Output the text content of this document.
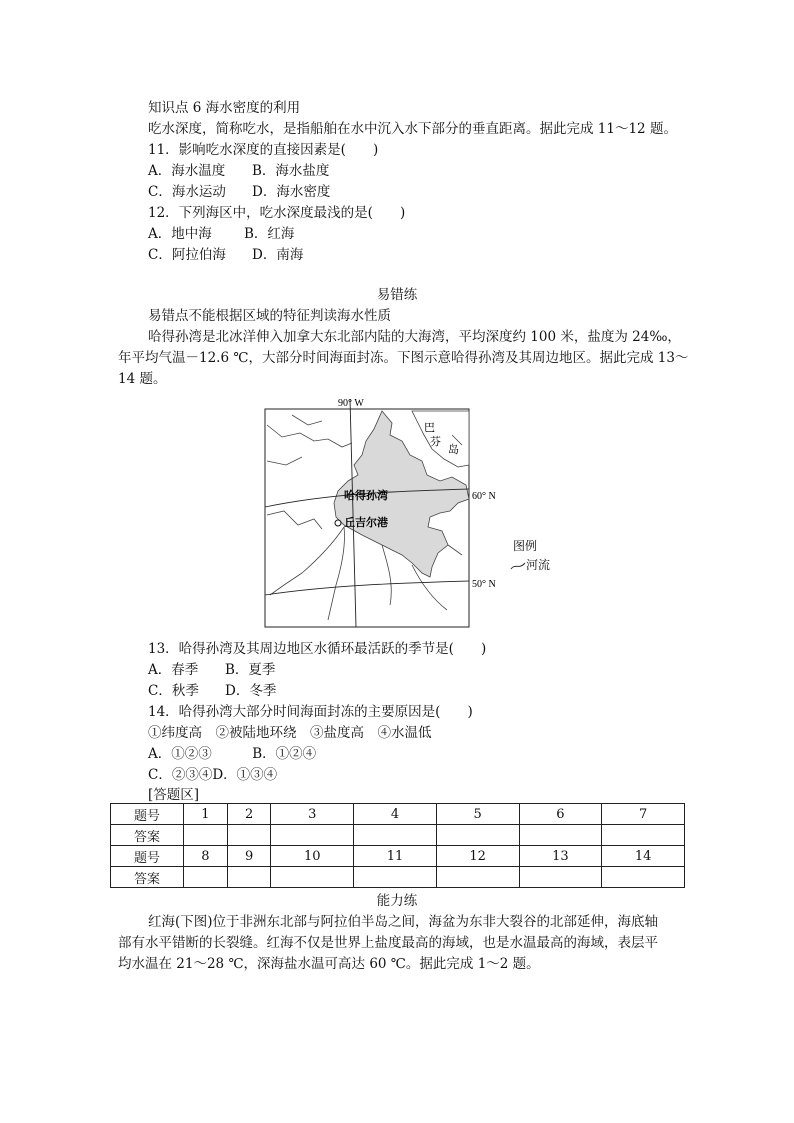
知识点 6 海水密度的利用
吃水深度，简称吃水，是指船舶在水中沉入水下部分的垂直距离。据此完成 11～12 题。
11．影响吃水深度的直接因素是(　　)
A．海水温度 B．海水盐度
C．海水运动 D．海水密度
12．下列海区中，吃水深度最浅的是(　　)
A．地中海 B．红海
C．阿拉伯海 D．南海
易错练
易错点不能根据区域的特征判读海水性质
哈得孙湾是北冰洋伸入加拿大东北部内陆的大海湾，平均深度约 100 米，盐度为 24‰，
年平均气温－12.6 ℃，大部分时间海面封冻。下图示意哈得孙湾及其周边地区。据此完成 13～
14 题。
90° W
巴
芬
岛
哈得孙湾
丘吉尔港
60° N
50° N
图例
河流
13．哈得孙湾及其周边地区水循环最活跃的季节是(　　)
A．春季 B．夏季
C．秋季 D．冬季
14．哈得孙湾大部分时间海面封冻的主要原因是(　　)
①纬度高　②被陆地环绕　③盐度高　④水温低
A．①②③　　　B．①②④
C．②③④D．①③④
[答题区]
题号	1	2	3	4	5	6	7
答案							
题号	8	9	10	11	12	13	14
答案							
能力练
红海(下图)位于非洲东北部与阿拉伯半岛之间，海盆为东非大裂谷的北部延伸，海底轴
部有水平错断的长裂缝。红海不仅是世界上盐度最高的海域，也是水温最高的海域，表层平
均水温在 21～28 ℃，深海盐水温可高达 60 ℃。据此完成 1～2 题。
